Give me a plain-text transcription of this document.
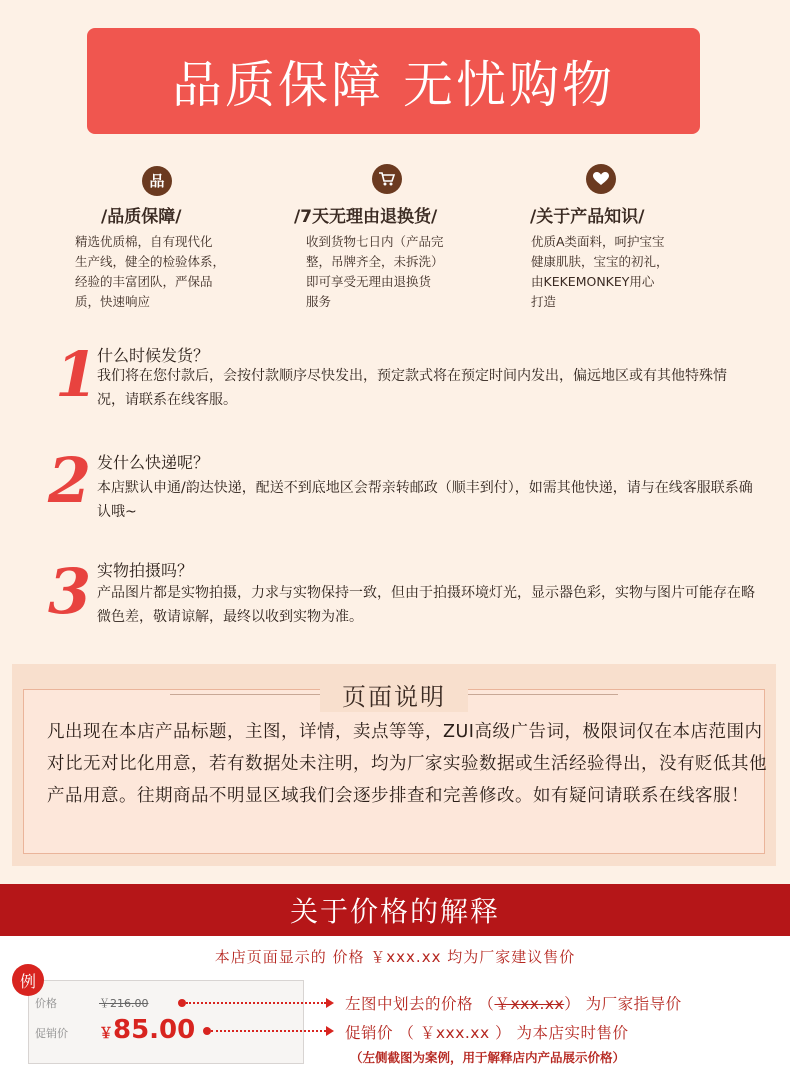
品质保障 无忧购物
品
/品质保障/
精选优质棉，自有现代化
生产线，健全的检验体系，
经验的丰富团队，严保品
质，快速响应
/7天无理由退换货/
收到货物七日内（产品完
整，吊牌齐全，未拆洗）
即可享受无理由退换货
服务
/关于产品知识/
优质A类面料，呵护宝宝
健康肌肤，宝宝的初礼，
由KEKEMONKEY用心
打造
1
什么时候发货？
我们将在您付款后，会按付款顺序尽快发出，预定款式将在预定时间内发出，偏远地区或有其他特殊情况，请联系在线客服。
2 发什么快递呢？
本店默认申通/韵达快递，配送不到底地区会帮亲转邮政（顺丰到付），如需其他快递，请与在线客服联系确认哦~
3 实物拍摄吗？
产品图片都是实物拍摄，力求与实物保持一致，但由于拍摄环境灯光，显示器色彩，实物与图片可能存在略微色差，敬请谅解，最终以收到实物为准。
页面说明
凡出现在本店产品标题，主图，详情，卖点等等，ZUI高级广告词，极限词仅在本店范围内对比无对比化用意，若有数据处未注明，均为厂家实验数据或生活经验得出，没有贬低其他产品用意。往期商品不明显区域我们会逐步排查和完善修改。如有疑问请联系在线客服！
关于价格的解释
本店页面显示的 价格 ￥xxx.xx 均为厂家建议售价
价格	￥216.00
促销价 ￥85.00
例
左图中划去的价格 （￥xxx.xx） 为厂家指导价
促销价 （ ￥xxx.xx ） 为本店实时售价
（左侧截图为案例，用于解释店内产品展示价格）
